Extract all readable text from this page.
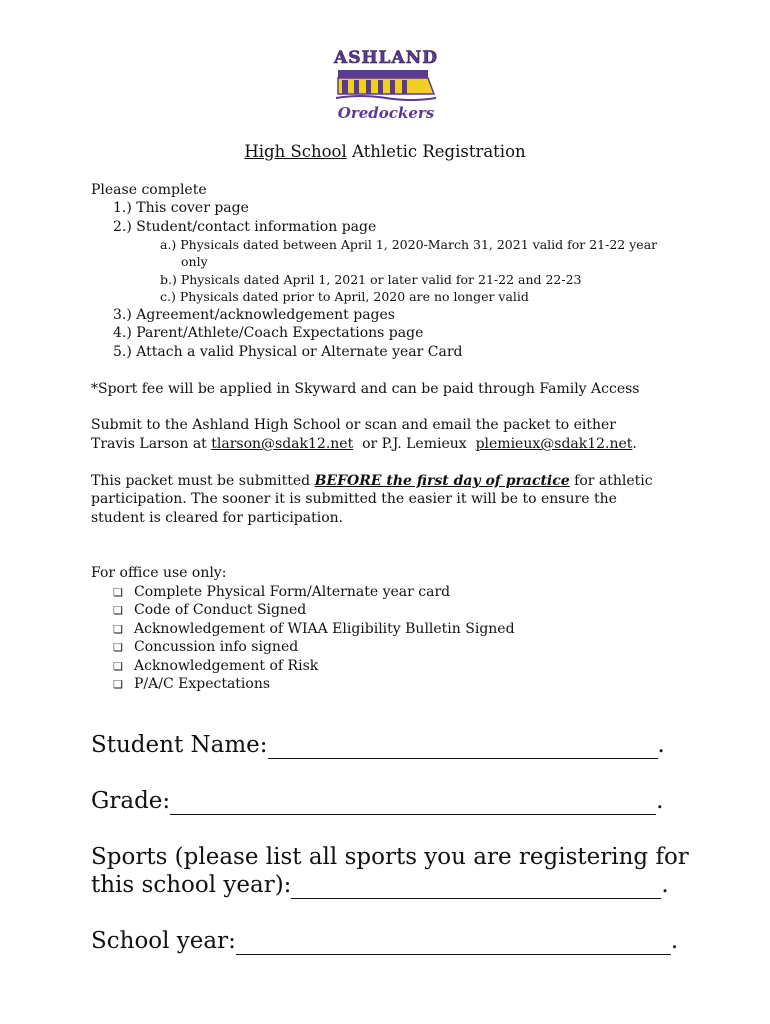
ASHLAND
Oredockers
High School Athletic Registration
Please complete
1.) This cover page
2.) Student/contact information page
a.) Physicals dated between April 1, 2020-March 31, 2021 valid for 21-22 year
only
b.) Physicals dated April 1, 2021 or later valid for 21-22 and 22-23
c.) Physicals dated prior to April, 2020 are no longer valid
3.) Agreement/acknowledgement pages
4.) Parent/Athlete/Coach Expectations page
5.) Attach a valid Physical or Alternate year Card
*Sport fee will be applied in Skyward and can be paid through Family Access
Submit to the Ashland High School or scan and email the packet to either
Travis Larson at tlarson@sdak12.net  or P.J. Lemieux  plemieux@sdak12.net.
This packet must be submitted BEFORE the first day of practice for athletic
participation. The sooner it is submitted the easier it will be to ensure the
student is cleared for participation.
For office use only:
❏ Complete Physical Form/Alternate year card
❏ Code of Conduct Signed
❏ Acknowledgement of WIAA Eligibility Bulletin Signed
❏ Concussion info signed
❏ Acknowledgement of Risk
❏ P/A/C Expectations
Student Name:	.
Grade:	.
Sports (please list all sports you are registering for
this school year):	.
School year:	.
